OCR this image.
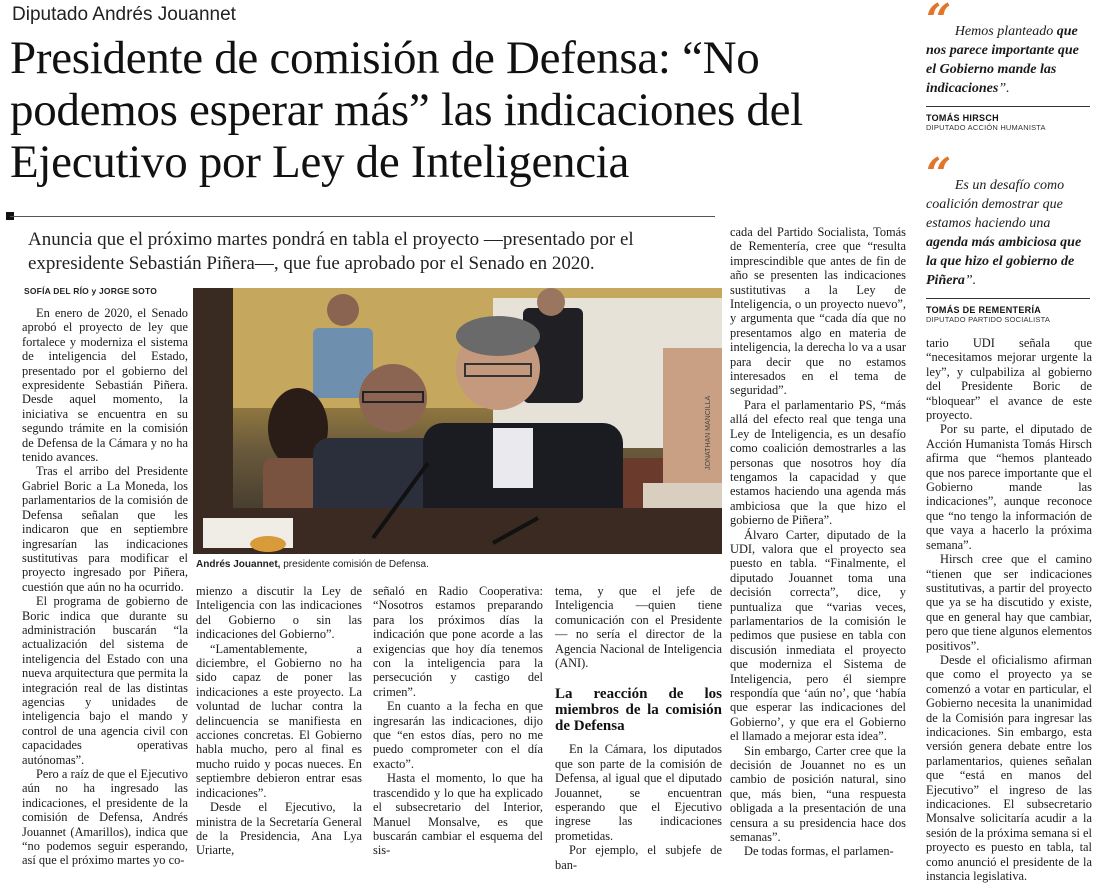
Diputado Andrés Jouannet
Presidente de comisión de Defensa: “No podemos esperar más” las indicaciones del Ejecutivo por Ley de Inteligencia
Anuncia que el próximo martes pondrá en tabla el proyecto —presentado por el expresidente Sebastián Piñera—, que fue aprobado por el Senado en 2020.
SOFÍA DEL RÍO y JORGE SOTO
JONATHAN MANCILLA
Andrés Jouannet, presidente comisión de Defensa.

En enero de 2020, el Senado aprobó el proyecto de ley que fortalece y moderniza el sistema de inteligencia del Estado, presentado por el gobierno del expresidente Sebastián Piñera. Desde aquel momento, la iniciativa se encuentra en su segundo trámite en la comisión de Defensa de la Cámara y no ha tenido avances.

Tras el arribo del Presidente Gabriel Boric a La Moneda, los parlamentarios de la comisión de Defensa señalan que les indicaron que en septiembre ingresarían las indicaciones sustitutivas para modificar el proyecto ingresado por Piñera, cuestión que aún no ha ocurrido.

El programa de gobierno de Boric indica que durante su administración buscarán “la actualización del sistema de inteligencia del Estado con una nueva arquitectura que permita la integración real de las distintas agencias y unidades de inteligencia bajo el mando y control de una agencia civil con capacidades operativas autónomas”.

Pero a raíz de que el Ejecutivo aún no ha ingresado las indicaciones, el presidente de la comisión de Defensa, Andrés Jouannet (Amarillos), indica que “no podemos seguir esperando, así que el próximo martes yo co-

mienzo a discutir la Ley de Inteligencia con las indicaciones del Gobierno o sin las indicaciones del Gobierno”.

“Lamentablemente, a diciembre, el Gobierno no ha sido capaz de poner las indicaciones a este proyecto. La voluntad de luchar contra la delincuencia se manifiesta en acciones concretas. El Gobierno habla mucho, pero al final es mucho ruido y pocas nueces. En septiembre debieron entrar esas indicaciones”.

Desde el Ejecutivo, la ministra de la Secretaría General de la Presidencia, Ana Lya Uriarte,

señaló en Radio Cooperativa: “Nosotros estamos preparando para los próximos días la indicación que pone acorde a las exigencias que hoy día tenemos con la inteligencia para la persecución y castigo del crimen”.

En cuanto a la fecha en que ingresarán las indicaciones, dijo que “en estos días, pero no me puedo comprometer con el día exacto”.

Hasta el momento, lo que ha trascendido y lo que ha explicado el subsecretario del Interior, Manuel Monsalve, es que buscarán cambiar el esquema del sis-

tema, y que el jefe de Inteligencia —quien tiene comunicación con el Presidente— no sería el director de la Agencia Nacional de Inteligencia (ANI).

La reacción de los miembros de la comisión de Defensa

En la Cámara, los diputados que son parte de la comisión de Defensa, al igual que el diputado Jouannet, se encuentran esperando que el Ejecutivo ingrese las indicaciones prometidas.

Por ejemplo, el subjefe de ban-

cada del Partido Socialista, Tomás de Rementería, cree que “resulta imprescindible que antes de fin de año se presenten las indicaciones sustitutivas a la Ley de Inteligencia, o un proyecto nuevo”, y argumenta que “cada día que no presentamos algo en materia de inteligencia, la derecha lo va a usar para decir que no estamos interesados en el tema de seguridad”.

Para el parlamentario PS, “más allá del efecto real que tenga una Ley de Inteligencia, es un desafío como coalición demostrarles a las personas que nosotros hoy día tengamos la capacidad y que estamos haciendo una agenda más ambiciosa que la que hizo el gobierno de Piñera”.

Álvaro Carter, diputado de la UDI, valora que el proyecto sea puesto en tabla. “Finalmente, el diputado Jouannet toma una decisión correcta”, dice, y puntualiza que “varias veces, parlamentarios de la comisión le pedimos que pusiese en tabla con discusión inmediata el proyecto que moderniza el Sistema de Inteligencia, pero él siempre respondía que ‘aún no’, que ‘había que esperar las indicaciones del Gobierno’, y que era el Gobierno el llamado a mejorar esta idea”.

Sin embargo, Carter cree que la decisión de Jouannet no es un cambio de posición natural, sino que, más bien, “una respuesta obligada a la presentación de una censura a su presidencia hace dos semanas”.

De todas formas, el parlamen-

“ Hemos planteado que nos parece importante que el Gobierno mande las indicaciones”.
TOMÁS HIRSCH
DIPUTADO ACCIÓN HUMANISTA
“ Es un desafío como coalición demostrar que estamos haciendo una agenda más ambiciosa que la que hizo el gobierno de Piñera”.
TOMÁS DE REMENTERÍA
DIPUTADO PARTIDO SOCIALISTA

tario UDI señala que “necesitamos mejorar urgente la ley”, y culpabiliza al gobierno del Presidente Boric de “bloquear” el avance de este proyecto.

Por su parte, el diputado de Acción Humanista Tomás Hirsch afirma que “hemos planteado que nos parece importante que el Gobierno mande las indicaciones”, aunque reconoce que “no tengo la información de que vaya a hacerlo la próxima semana”.

Hirsch cree que el camino “tienen que ser indicaciones sustitutivas, a partir del proyecto que ya se ha discutido y existe, que en general hay que cambiar, pero que tiene algunos elementos positivos”.

Desde el oficialismo afirman que como el proyecto ya se comenzó a votar en particular, el Gobierno necesita la unanimidad de la Comisión para ingresar las indicaciones. Sin embargo, esta versión genera debate entre los parlamentarios, quienes señalan que “está en manos del Ejecutivo” el ingreso de las indicaciones. El subsecretario Monsalve solicitaría acudir a la sesión de la próxima semana si el proyecto es puesto en tabla, tal como anunció el presidente de la instancia legislativa.
